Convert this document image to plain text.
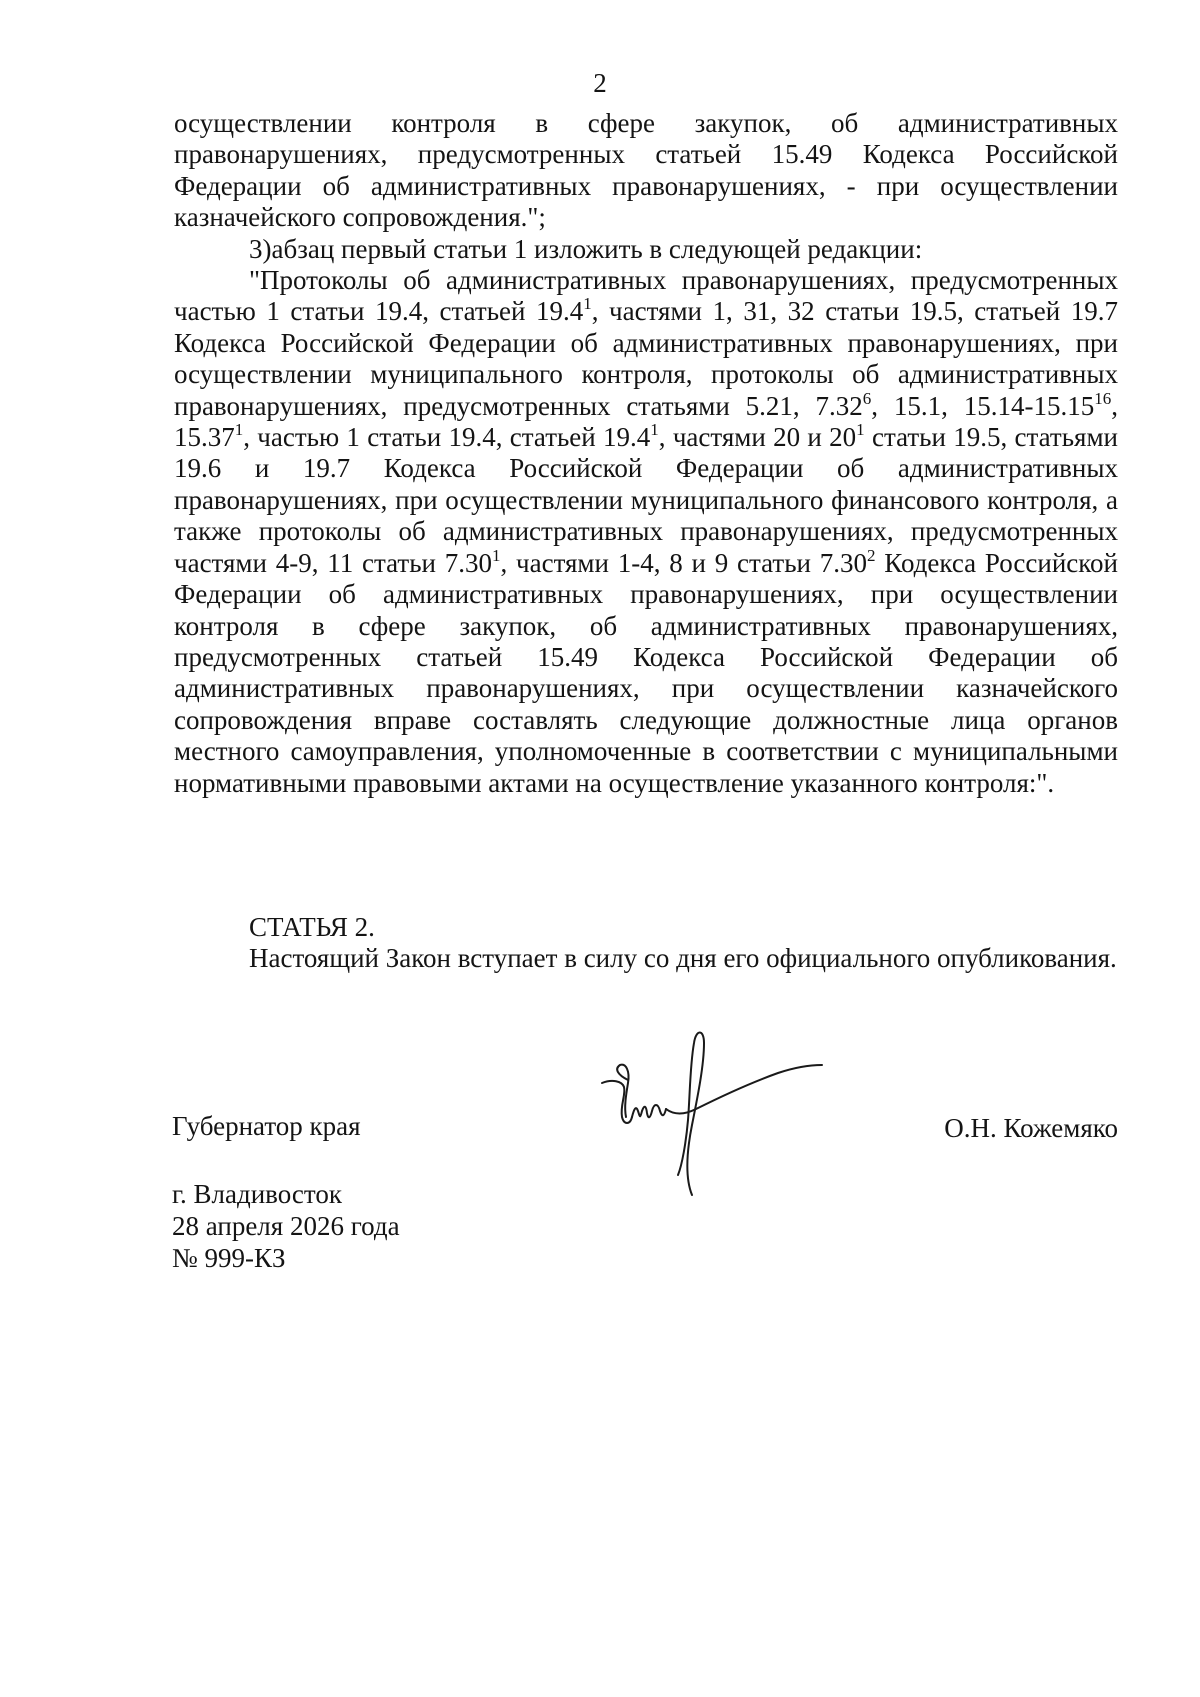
2

осуществлении контроля в сфере закупок, об административных правонарушениях, предусмотренных статьей 15.49 Кодекса Российской Федерации об административных правонарушениях, - при осуществлении казначейского сопровождения.";

3)абзац первый статьи 1 изложить в следующей редакции:

"Протоколы об административных правонарушениях, предусмотренных частью 1 статьи 19.4, статьей 19.4$^1$, частями 1, 31, 32 статьи 19.5, статьей 19.7 Кодекса Российской Федерации об административных правонарушениях, при осуществлении муниципального контроля, протоколы об административных правонарушениях, предусмотренных статьями 5.21, 7.32$^6$, 15.1, 15.14-15.15$^{16}$, 15.37$^1$, частью 1 статьи 19.4, статьей 19.4$^1$, частями 20 и $20^1$ статьи 19.5, статьями 19.6 и 19.7 Кодекса Российской Федерации об административных правонарушениях, при осуществлении муниципального финансового контроля, а также протоколы об административных правонарушениях, предусмотренных частями 4-9, 11 статьи 7.30$^1$, частями 1-4, 8 и 9 статьи 7.30$^2$ Кодекса Российской Федерации об административных правонарушениях, при осуществлении контроля в сфере закупок, об административных правонарушениях, предусмотренных статьей 15.49 Кодекса Российской Федерации об административных правонарушениях, при осуществлении казначейского сопровождения вправе составлять следующие должностные лица органов местного самоуправления, уполномоченные в соответствии с муниципальными нормативными правовыми актами на осуществление указанного контроля:".

СТАТЬЯ 2.

Настоящий Закон вступает в силу со дня его официального опубликования.

Губернатор края	О.Н. Кожемяко
г. Владивосток
28 апреля 2026 года
№ 999-КЗ
